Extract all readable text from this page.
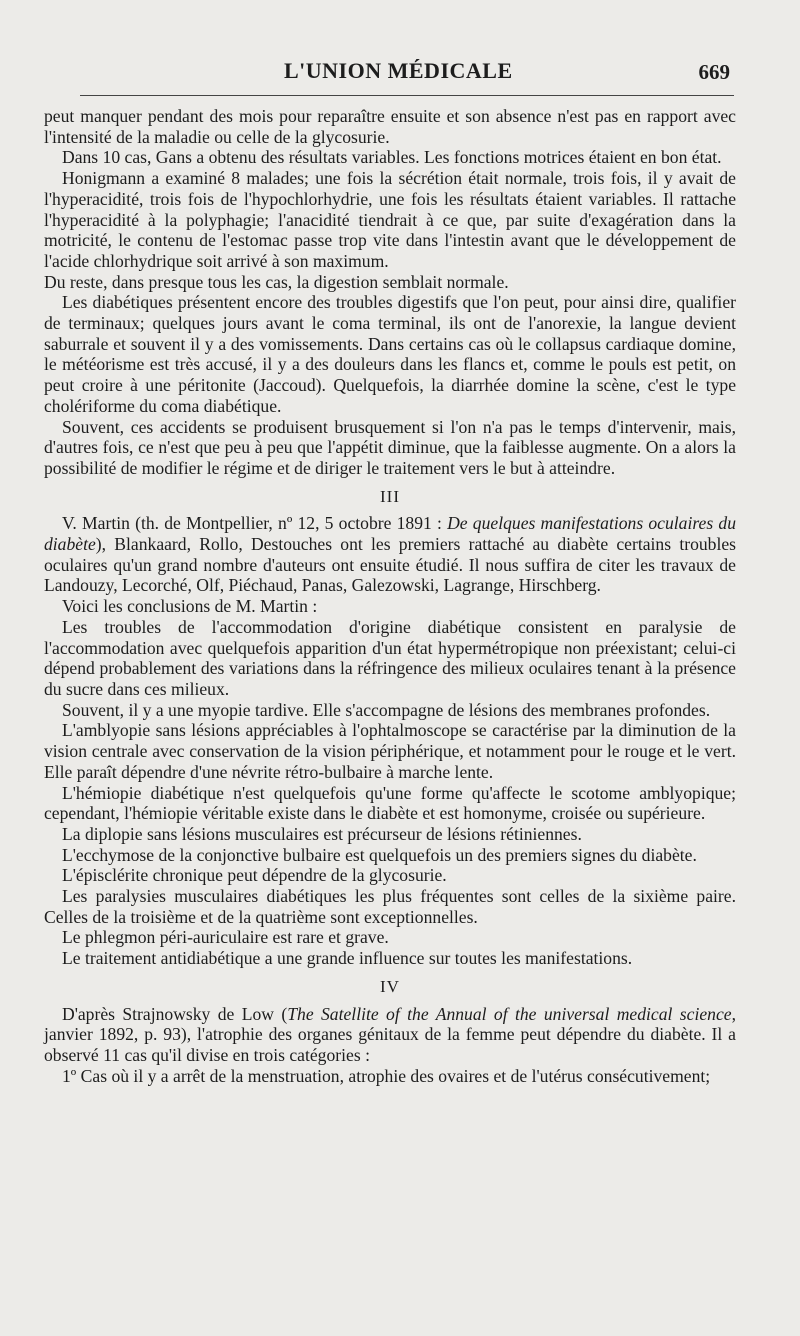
L'UNION MÉDICALE	669

peut manquer pendant des mois pour reparaître ensuite et son absence n'est pas en rapport avec l'intensité de la maladie ou celle de la glycosurie.

Dans 10 cas, Gans a obtenu des résultats variables. Les fonctions motrices étaient en bon état.

Honigmann a examiné 8 malades; une fois la sécrétion était normale, trois fois, il y avait de l'hyperacidité, trois fois de l'hypochlorhydrie, une fois les résultats étaient variables. Il rattache l'hyperacidité à la polyphagie; l'anacidité tiendrait à ce que, par suite d'exagération dans la motricité, le contenu de l'estomac passe trop vite dans l'intestin avant que le développement de l'acide chlorhydrique soit arrivé à son maximum.

Du reste, dans presque tous les cas, la digestion semblait normale.

Les diabétiques présentent encore des troubles digestifs que l'on peut, pour ainsi dire, qualifier de terminaux; quelques jours avant le coma terminal, ils ont de l'anorexie, la langue devient saburrale et souvent il y a des vomissements. Dans certains cas où le collapsus cardiaque domine, le météorisme est très accusé, il y a des douleurs dans les flancs et, comme le pouls est petit, on peut croire à une péritonite (Jaccoud). Quelquefois, la diarrhée domine la scène, c'est le type cholériforme du coma diabétique.

Souvent, ces accidents se produisent brusquement si l'on n'a pas le temps d'intervenir, mais, d'autres fois, ce n'est que peu à peu que l'appétit diminue, que la faiblesse augmente. On a alors la possibilité de modifier le régime et de diriger le traitement vers le but à atteindre.

III

V. Martin (th. de Montpellier, nº 12, 5 octobre 1891 : De quelques manifestations oculaires du diabète), Blankaard, Rollo, Destouches ont les premiers rattaché au diabète certains troubles oculaires qu'un grand nombre d'auteurs ont ensuite étudié. Il nous suffira de citer les travaux de Landouzy, Lecorché, Olf, Piéchaud, Panas, Galezowski, Lagrange, Hirschberg.

Voici les conclusions de M. Martin :

Les troubles de l'accommodation d'origine diabétique consistent en paralysie de l'accommodation avec quelquefois apparition d'un état hypermétropique non préexistant; celui-ci dépend probablement des variations dans la réfringence des milieux oculaires tenant à la présence du sucre dans ces milieux.

Souvent, il y a une myopie tardive. Elle s'accompagne de lésions des membranes profondes.

L'amblyopie sans lésions appréciables à l'ophtalmoscope se caractérise par la diminution de la vision centrale avec conservation de la vision périphérique, et notamment pour le rouge et le vert. Elle paraît dépendre d'une névrite rétro-bulbaire à marche lente.

L'hémiopie diabétique n'est quelquefois qu'une forme qu'affecte le scotome amblyopique; cependant, l'hémiopie véritable existe dans le diabète et est homonyme, croisée ou supérieure.

La diplopie sans lésions musculaires est précurseur de lésions rétiniennes.

L'ecchymose de la conjonctive bulbaire est quelquefois un des premiers signes du diabète.

L'épisclérite chronique peut dépendre de la glycosurie.

Les paralysies musculaires diabétiques les plus fréquentes sont celles de la sixième paire. Celles de la troisième et de la quatrième sont exceptionnelles.

Le phlegmon péri-auriculaire est rare et grave.

Le traitement antidiabétique a une grande influence sur toutes les manifestations.

IV

D'après Strajnowsky de Low (The Satellite of the Annual of the universal medical science, janvier 1892, p. 93), l'atrophie des organes génitaux de la femme peut dépendre du diabète. Il a observé 11 cas qu'il divise en trois catégories :

1º Cas où il y a arrêt de la menstruation, atrophie des ovaires et de l'utérus consécutivement;
